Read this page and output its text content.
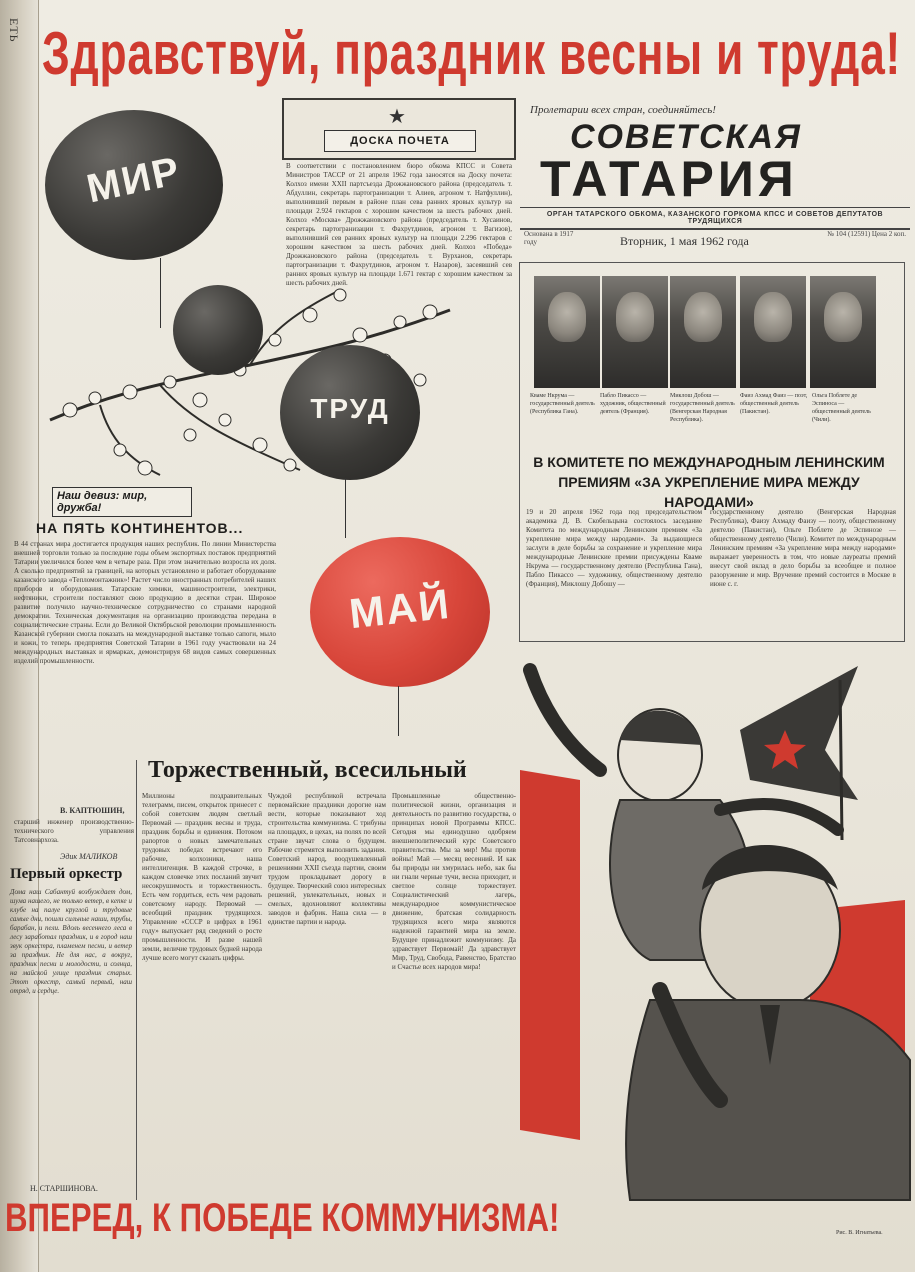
ЕТЬ Здравствуй, праздник весны и труда!
МИР
ТРУД
МАЙ
★
ДОСКА ПОЧЕТА
В соответствии с постановлением бюро обкома КПСС и Совета Министров ТАССР от 21 апреля 1962 года заносятся на Доску почета: Колхоз имени XXII партсъезда Дрожжановского района (председатель т. Абдуллин, секретарь партогранизации т. Алиев, агроном т. Натфуллин), выполнивший первым в районе план сева ранних яровых культур на площади 2.924 гектаров с хорошим качеством за шесть рабочих дней. Колхоз «Москва» Дрожжановского района (председатель т. Хусаинов, секретарь партогранизации т. Фахрутдинов, агроном т. Вагизов), выполнивший сев ранних яровых культур на площади 2.296 гектаров с хорошим качеством за шесть рабочих дней. Колхоз «Победа» Дрожжановского района (председатель т. Вурханов, секретарь партогранизации т. Фахрутдинов, агроном т. Назаров), засеявший сев ранних яровых культур на площади 1.671 гектар с хорошим качеством за шесть рабочих дней.
Пролетарии всех стран, соединяйтесь!
СОВЕТСКАЯ
ТАТАРИЯ
ОРГАН ТАТАРСКОГО ОБКОМА, КАЗАНСКОГО ГОРКОМА КПСС И СОВЕТОВ ДЕПУТАТОВ ТРУДЯЩИХСЯ
Основана в 1917 году	Вторник, 1 мая 1962 года	№ 104 (12591) Цена 2 коп.
Кваме Нкрума — государственный деятель (Республика Гана).
Пабло Пикассо — художник, общественный деятель (Франция).
Миклош Добош — государственный деятель (Венгерская Народная Республика).
Фаиз Ахмад Фаиз — поэт, общественный деятель (Пакистан).
Ольга Поблете де Эспиноса — общественный деятель (Чили).
В КОМИТЕТЕ ПО МЕЖДУНАРОДНЫМ ЛЕНИНСКИМ ПРЕМИЯМ «ЗА УКРЕПЛЕНИЕ МИРА МЕЖДУ НАРОДАМИ»
19 и 20 апреля 1962 года под председательством академика Д. В. Скобельцына состоялось заседание Комитета по международным Ленинским премиям «За укрепление мира между народами». За выдающиеся заслуги в деле борьбы за сохранение и укрепление мира международные Ленинские премии присуждены Кваме Нкрума — государственному деятелю (Республика Гана), Пабло Пикассо — художнику, общественному деятелю (Франция), Миклошу Добошу —
государственному деятелю (Венгерская Народная Республика), Фаизу Ахмаду Фаизу — поэту, общественному деятелю (Пакистан), Ольге Поблете де Эспинозе — общественному деятелю (Чили). Комитет по международным Ленинским премиям «За укрепление мира между народами» выражает уверенность в том, что новые лауреаты премий внесут свой вклад в дело борьбы за всеобщее и полное разоружение и мир. Вручение премий состоится в Москве в июне с. г.
Наш девиз: мир, дружба!
НА ПЯТЬ КОНТИНЕНТОВ...
В 44 странах мира достигается продукция наших республик. По линии Министерства внешней торговли только за последние годы объем экспортных поставок предприятий Татарии увеличился более чем в четыре раза. При этом значительно возросла их доля. А сколько предприятий за границей, на которых установлено и работает оборудование казанского завода «Тепломонтажник»! Растет число иностранных потребителей наших приборов и оборудования. Татарские химики, машиностроители, электрики, нефтяники, строители поставляют свою продукцию в десятки стран. Широкое развитие получило научно-техническое сотрудничество со странами народной демократии. Техническая документация на организацию производства передана в социалистические страны. Если до Великой Октябрьской революции промышленность Казанской губернии смогла показать на международной выставке только сапоги, мыло и кожи, то теперь предприятия Советской Татарии в 1961 году участвовали на 24 международных выставках и ярмарках, демонстрируя 68 видов самых совершенных изделий промышленности.
В. КАПТЮШИН,
старший инженер производственно-технического управления Татсовнархоза.
Эдик МАЛИКОВ
Первый оркестр
Дома наш Сабантуй возбуждает дом, шума нашего, не только ветер, в кепке и клубе на палуе круглой и трудовые самые дни, пошли сильные наши, трубы, барабан, и пели. Вдоль весеннего леса в лесу заработал праздник, и в город наш звук оркестра, пламенем песни, и ветер за праздник. Не для нас, а вокруг, праздник песни и молодости, и солнца, на майской улице праздник старых. Этот оркестр, самый первый, наш отряд, и сердце.
Н. СТАРШИНОВА.
Торжественный, всесильный
Миллионы поздравительных телеграмм, писем, открыток принесет с собой советским людям светлый Первомай — праздник весны и труда, праздник борьбы и единения. Потоком рапортов о новых замечательных трудовых победах встречают его рабочие, колхозники, наша интеллигенция. В каждой строчке, в каждом словечке этих посланий звучит несокрушимость и торжественность. Есть чем гордиться, есть чем радовать советскому народу. Первомай — всеобщий праздник трудящихся. Управление «СССР в цифрах в 1961 году» выпускает ряд сведений о росте промышленности. И разве нашей земли, величие трудовых будней народа лучше всего могут сказать цифры.
Чуждой республикой встречала первомайские праздники дорогие нам вести, которые показывают ход строительства коммунизма. С трибуны на площадях, в цехах, на полях по всей стране звучат слова о будущем. Рабочие стремятся выполнить задания. Советский народ, воодушевленный решениями XXII съезда партии, своим трудом прокладывает дорогу в будущее. Творческий союз интересных решений, увлекательных, новых и смелых, вдохновляют коллективы заводов и фабрик. Наша сила — в единстве партии и народа.
Промышленные общественно-политической жизни, организация и деятельность по развитию государства, о принципах новой Программы КПСС. Сегодня мы единодушно одобряем внешнеполитический курс Советского правительства. Мы за мир! Мы против войны! Май — месяц весенний. И как бы природы ни хмурилась небо, как бы ни гнали черные тучи, весна приходит, и светлое солнце торжествует. Социалистический лагерь, международное коммунистическое движение, братская солидарность трудящихся всего мира являются надежной гарантией мира на земле. Будущее принадлежит коммунизму. Да здравствует Первомай! Да здравствует Мир, Труд, Свобода, Равенство, Братство и Счастье всех народов мира!
Рис. В. Игнатьева.
ВПЕРЕД, К ПОБЕДЕ КОММУНИЗМА!
